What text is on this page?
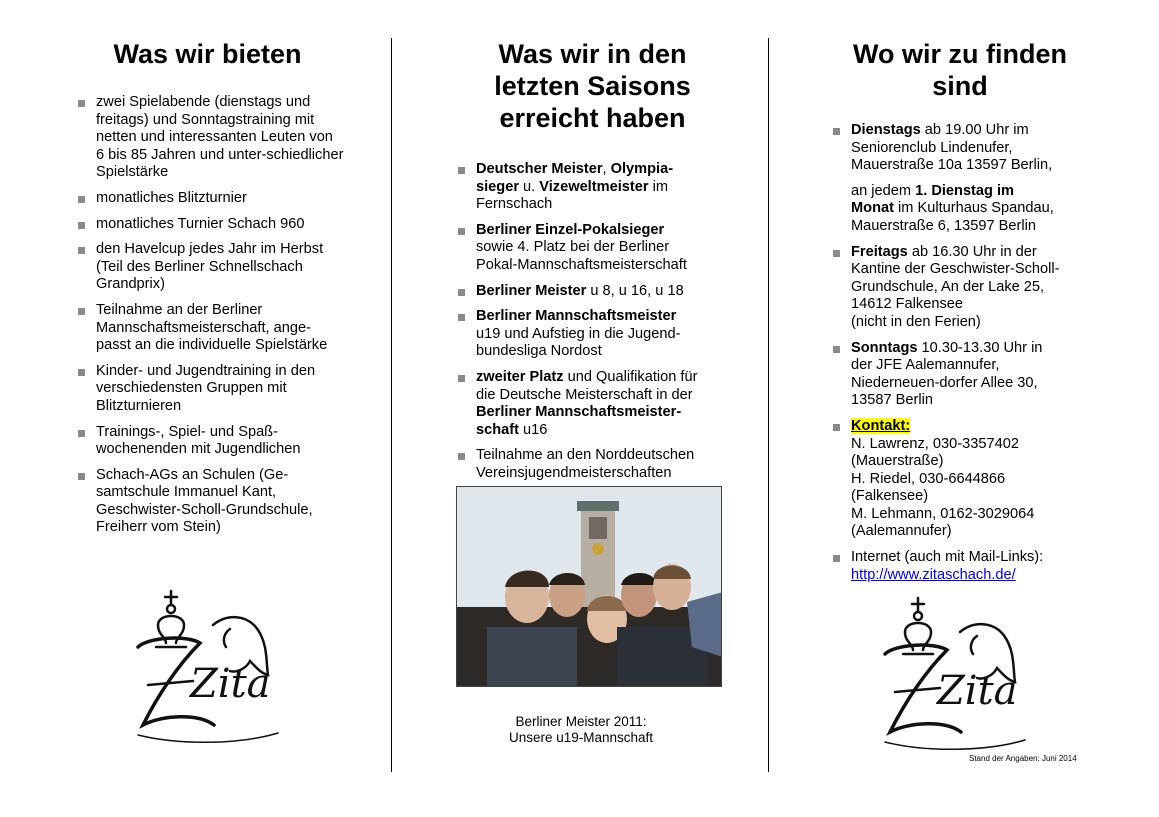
Was wir bieten
zwei Spielabende (dienstags und freitags) und Sonntagstraining mit netten und interessanten Leuten von 6 bis 85 Jahren und unter-schiedlicher Spielstärke
monatliches Blitzturnier
monatliches Turnier Schach 960
den Havelcup jedes Jahr im Herbst (Teil des Berliner Schnellschach Grandprix)
Teilnahme an der Berliner Mannschaftsmeisterschaft, ange-passt an die individuelle Spielstärke
Kinder- und Jugendtraining in den verschiedensten Gruppen mit Blitzturnieren
Trainings-, Spiel- und Spaß-wochenenden mit Jugendlichen
Schach-AGs an Schulen (Ge-samtschule Immanuel Kant, Geschwister-Scholl-Grundschule, Freiherr vom Stein)
Zita
Was wir in den
letzten Saisons
erreicht haben
Deutscher Meister, Olympia-sieger u. Vizeweltmeister im Fernschach
Berliner Einzel-Pokalsieger sowie 4. Platz bei der Berliner Pokal-Mannschaftsmeisterschaft
Berliner Meister u 8, u 16, u 18
Berliner Mannschaftsmeister u19 und Aufstieg in die Jugend-bundesliga Nordost
zweiter Platz und Qualifikation für die Deutsche Meisterschaft in der Berliner Mannschaftsmeister-schaft u16
Teilnahme an den Norddeutschen Vereinsjugendmeisterschaften
Berliner Meister 2011:
Unsere u19-Mannschaft
Wo wir zu finden
sind
Dienstags ab 19.00 Uhr im Seniorenclub Lindenufer, Mauerstraße 10a 13597 Berlin,
an jedem 1. Dienstag im Monat im Kulturhaus Spandau, Mauerstraße 6, 13597 Berlin
Freitags ab 16.30 Uhr in der Kantine der Geschwister-Scholl-Grundschule, An der Lake 25, 14612 Falkensee
(nicht in den Ferien)
Sonntags 10.30-13.30 Uhr in der JFE Aalemannufer, Niederneuen-dorfer Allee 30, 13587 Berlin
Kontakt:
N. Lawrenz, 030-3357402
(Mauerstraße)
H. Riedel, 030-6644866
(Falkensee)
M. Lehmann, 0162-3029064
(Aalemannufer)
Internet (auch mit Mail-Links):
http://www.zitaschach.de/
Zita
Stand der Angaben: Juni 2014
